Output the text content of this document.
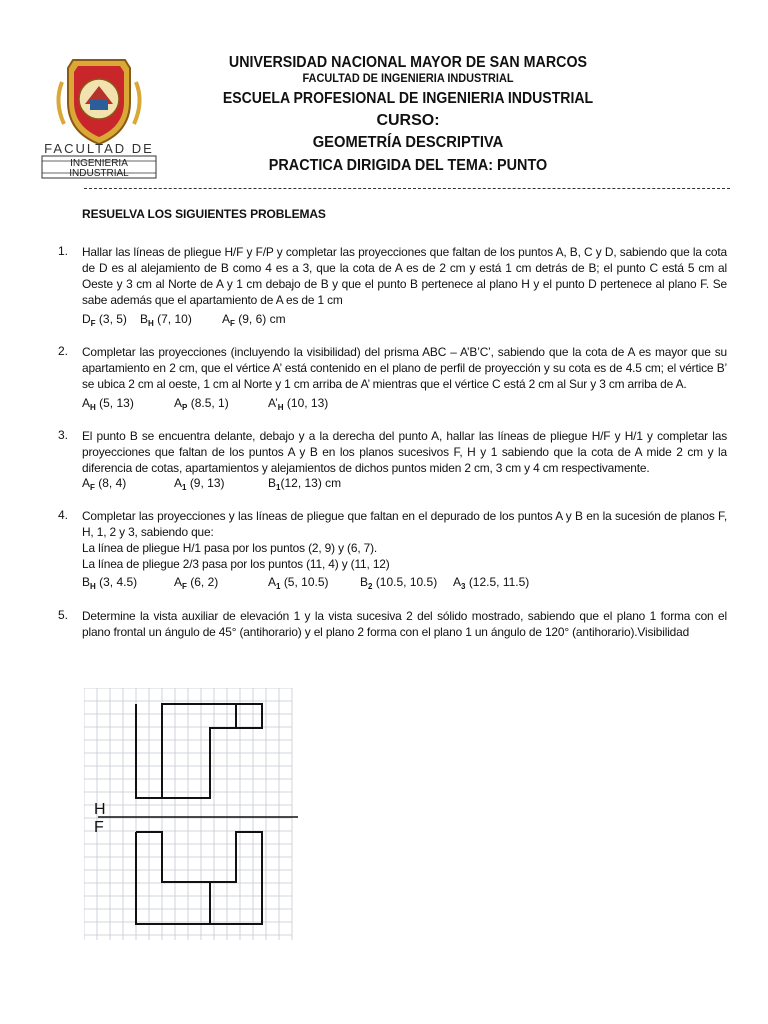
FACULTAD DE
INGENIERIA
INDUSTRIAL
UNIVERSIDAD NACIONAL MAYOR DE SAN MARCOS
FACULTAD DE INGENIERIA INDUSTRIAL
ESCUELA PROFESIONAL DE INGENIERIA INDUSTRIAL
CURSO:
GEOMETRÍA DESCRIPTIVA
PRACTICA DIRIGIDA DEL TEMA: PUNTO
RESUELVA LOS SIGUIENTES PROBLEMAS
1. Hallar las líneas de pliegue H/F y F/P y completar las proyecciones que faltan de los puntos A, B, C y D, sabiendo que la cota de D es al alejamiento de B como 4 es a 3, que la cota de A es de 2 cm y está 1 cm detrás de B; el punto C está 5 cm al Oeste y 3 cm al Norte de A y 1 cm debajo de B y que el punto B pertenece al plano H y el punto D pertenece al plano F. Se sabe además que el apartamiento de A es de 1 cm
$D_F$ (3, 5) $B_H$ (7, 10)	$A_F$ (9, 6) cm
2. Completar las proyecciones (incluyendo la visibilidad) del prisma ABC – A’B’C’, sabiendo que la cota de A es mayor que su apartamiento en 2 cm, que el vértice A’ está contenido en el plano de perfil de proyección y su cota es de 4.5 cm; el vértice B’ se ubica 2 cm al oeste, 1 cm al Norte y 1 cm arriba de A’ mientras que el vértice C está 2 cm al Sur y 3 cm arriba de A.
$A_H$ (5, 13)	$A_P$ (8.5, 1)	$A’_H$ (10, 13)
3. El punto B se encuentra delante, debajo y a la derecha del punto A, hallar las líneas de pliegue H/F y H/1 y completar las proyecciones que faltan de los puntos A y B en los planos sucesivos F, H y 1 sabiendo que la cota de A mide 2 cm y la diferencia de cotas, apartamientos y alejamientos de dichos puntos miden 2 cm, 3 cm y 4 cm respectivamente.
$A_F$ (8, 4)	$A_1$ (9, 13)	$B_1(12$, 13) cm
4. Completar las proyecciones y las líneas de pliegue que faltan en el depurado de los puntos A y B en la sucesión de planos F, H, 1, 2 y 3, sabiendo que:
La línea de pliegue H/1 pasa por los puntos (2, 9) y (6, 7).
La línea de pliegue 2/3 pasa por los puntos (11, 4) y (11, 12)
$B_H$ (3, 4.5)	$A_F$ (6, 2)	$A_1$ (5, 10.5)	$B_2$ (10.5, 10.5) $A_3$ (12.5, 11.5)
5. Determine la vista auxiliar de elevación 1 y la vista sucesiva 2 del sólido mostrado, sabiendo que el plano 1 forma con el plano frontal un ángulo de 45° (antihorario) y el plano 2 forma con el plano 1 un ángulo de 120° (antihorario).Visibilidad
H
F
